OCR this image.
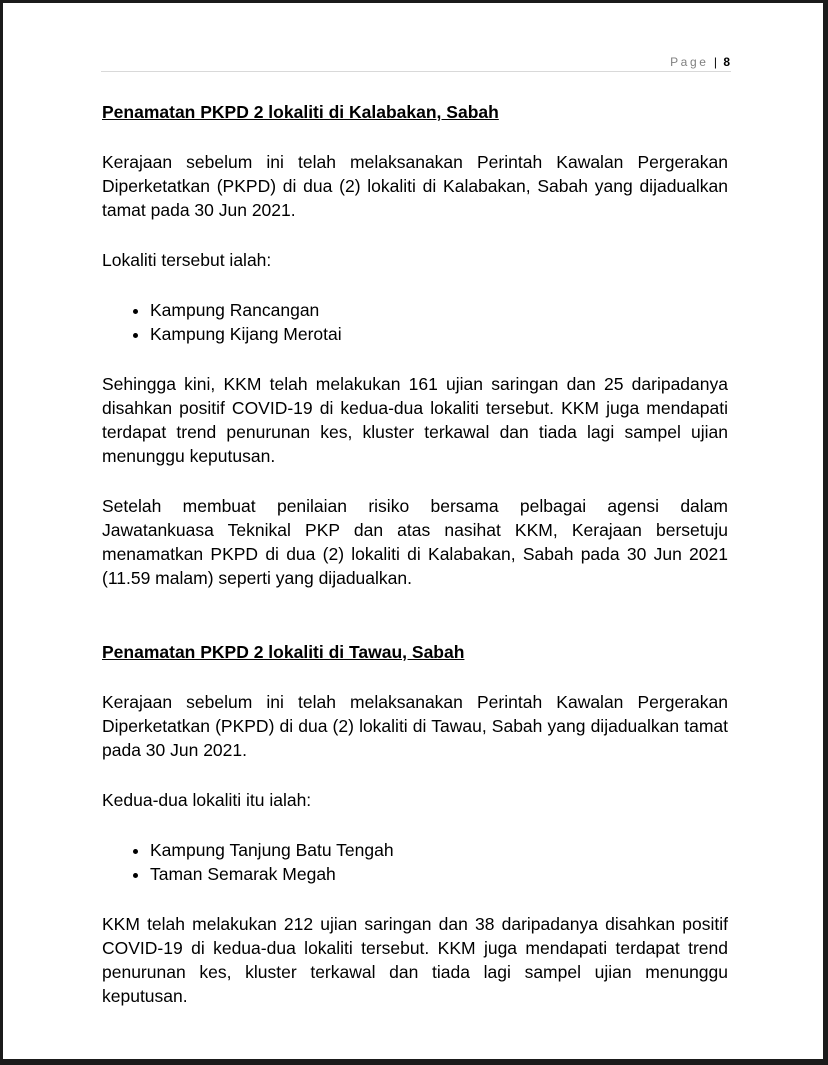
Page | 8

Penamatan PKPD 2 lokaliti di Kalabakan, Sabah

Kerajaan sebelum ini telah melaksanakan Perintah Kawalan Pergerakan Diperketatkan (PKPD) di dua (2) lokaliti di Kalabakan, Sabah yang dijadualkan tamat pada 30 Jun 2021.

Lokaliti tersebut ialah:

• Kampung Rancangan
• Kampung Kijang Merotai

Sehingga kini, KKM telah melakukan 161 ujian saringan dan 25 daripadanya disahkan positif COVID-19 di kedua-dua lokaliti tersebut. KKM juga mendapati terdapat trend penurunan kes, kluster terkawal dan tiada lagi sampel ujian menunggu keputusan.

Setelah membuat penilaian risiko bersama pelbagai agensi dalam Jawatankuasa Teknikal PKP dan atas nasihat KKM, Kerajaan bersetuju menamatkan PKPD di dua (2) lokaliti di Kalabakan, Sabah pada 30 Jun 2021 (11.59 malam) seperti yang dijadualkan.

Penamatan PKPD 2 lokaliti di Tawau, Sabah

Kerajaan sebelum ini telah melaksanakan Perintah Kawalan Pergerakan Diperketatkan (PKPD) di dua (2) lokaliti di Tawau, Sabah yang dijadualkan tamat pada 30 Jun 2021.

Kedua-dua lokaliti itu ialah:

• Kampung Tanjung Batu Tengah
• Taman Semarak Megah

KKM telah melakukan 212 ujian saringan dan 38 daripadanya disahkan positif COVID-19 di kedua-dua lokaliti tersebut. KKM juga mendapati terdapat trend penurunan kes, kluster terkawal dan tiada lagi sampel ujian menunggu keputusan.
